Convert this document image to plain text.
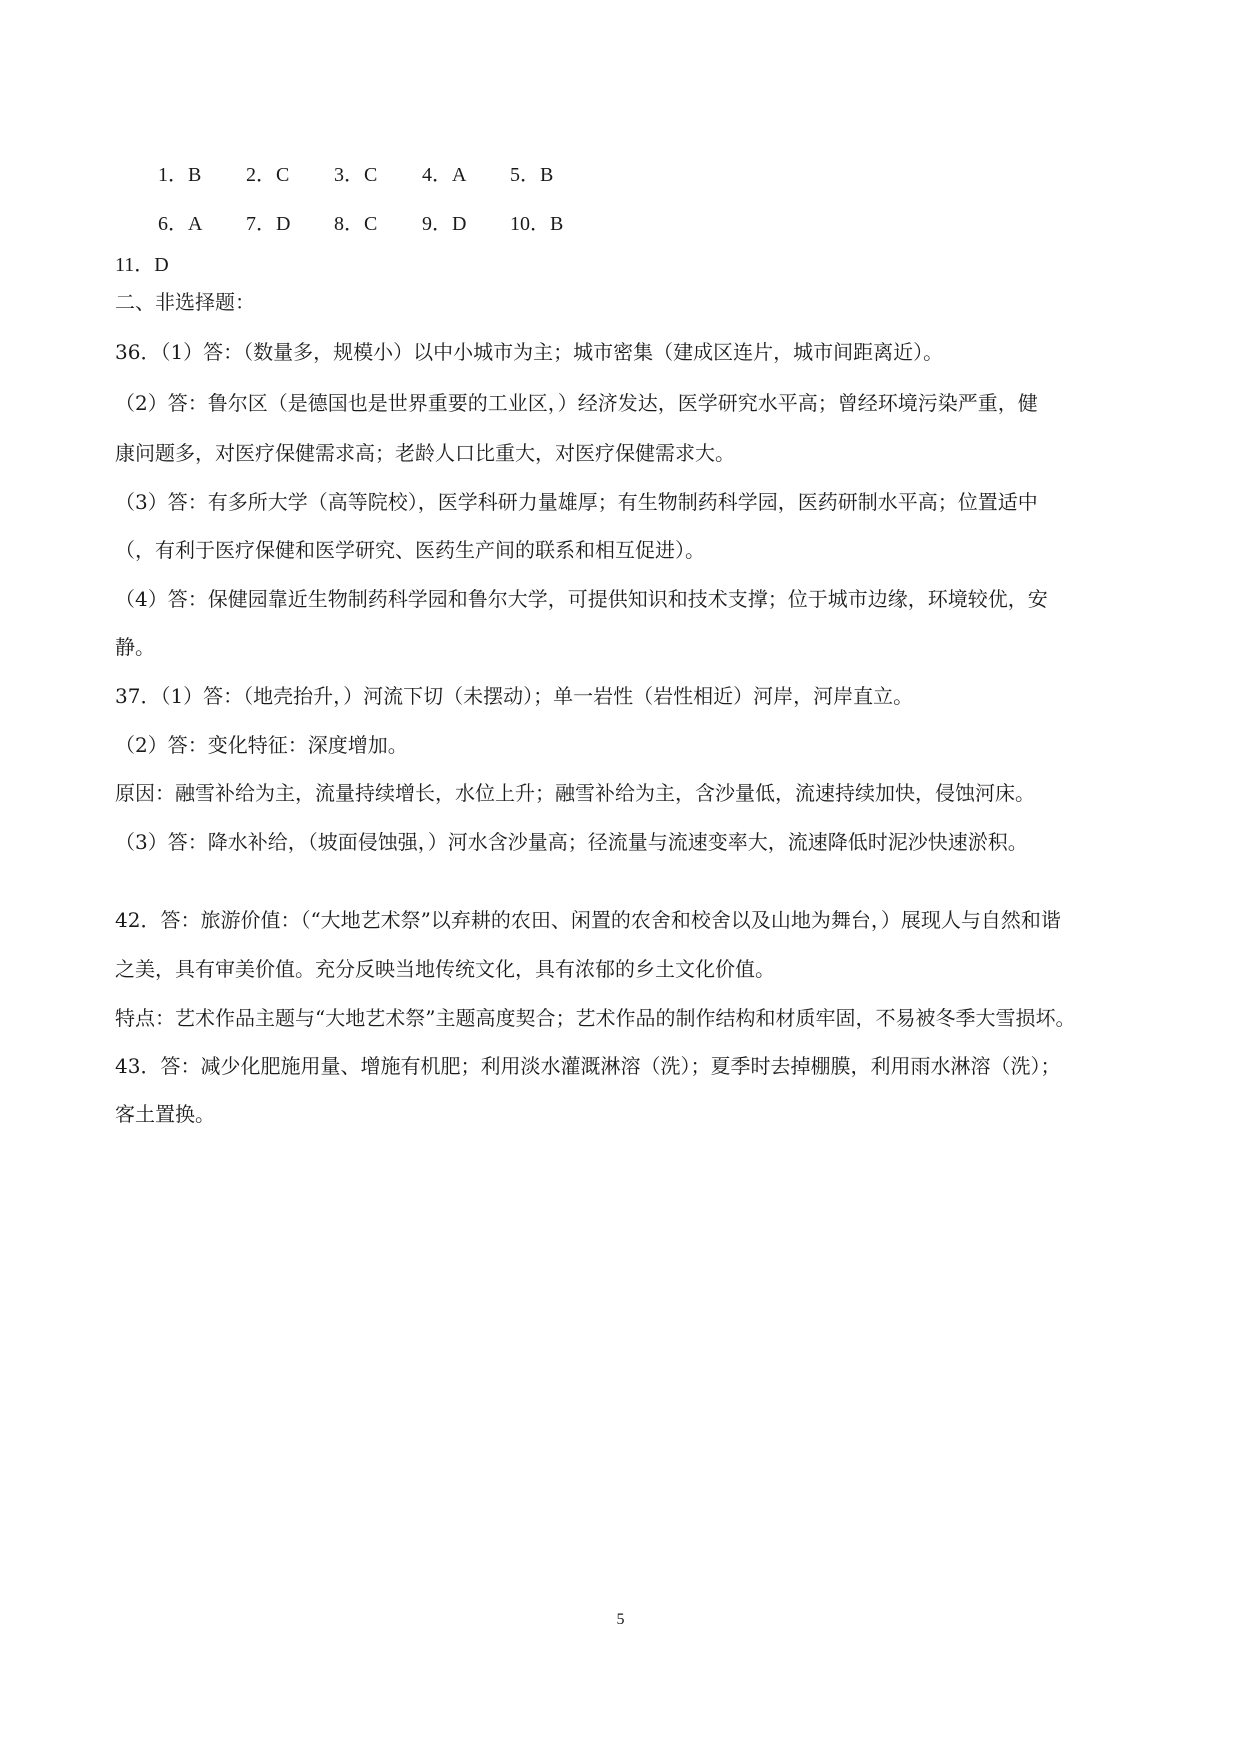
1．B	2．C	3．C	4．A	5．B
6．A	7．D	8．C	9．D	10．B
11．D
二、非选择题：
36．（1）答：（数量多，规模小）以中小城市为主；城市密集（建成区连片，城市间距离近）。
（2）答：鲁尔区（是德国也是世界重要的工业区，）经济发达，医学研究水平高；曾经环境污染严重，健
康问题多，对医疗保健需求高；老龄人口比重大，对医疗保健需求大。
（3）答：有多所大学（高等院校），医学科研力量雄厚；有生物制药科学园，医药研制水平高；位置适中
（，有利于医疗保健和医学研究、医药生产间的联系和相互促进）。
（4）答：保健园靠近生物制药科学园和鲁尔大学，可提供知识和技术支撑；位于城市边缘，环境较优，安
静。
37．（1）答：（地壳抬升，）河流下切（未摆动）；单一岩性（岩性相近）河岸，河岸直立。
（2）答：变化特征：深度增加。
原因：融雪补给为主，流量持续增长，水位上升；融雪补给为主，含沙量低，流速持续加快，侵蚀河床。
（3）答：降水补给，（坡面侵蚀强，）河水含沙量高；径流量与流速变率大，流速降低时泥沙快速淤积。
42．答：旅游价值：（“大地艺术祭”以弃耕的农田、闲置的农舍和校舍以及山地为舞台，）展现人与自然和谐
之美，具有审美价值。充分反映当地传统文化，具有浓郁的乡土文化价值。
特点：艺术作品主题与“大地艺术祭”主题高度契合；艺术作品的制作结构和材质牢固，不易被冬季大雪损坏。
43．答：减少化肥施用量、增施有机肥；利用淡水灌溉淋溶（洗）；夏季时去掉棚膜，利用雨水淋溶（洗）；
客土置换。
5
